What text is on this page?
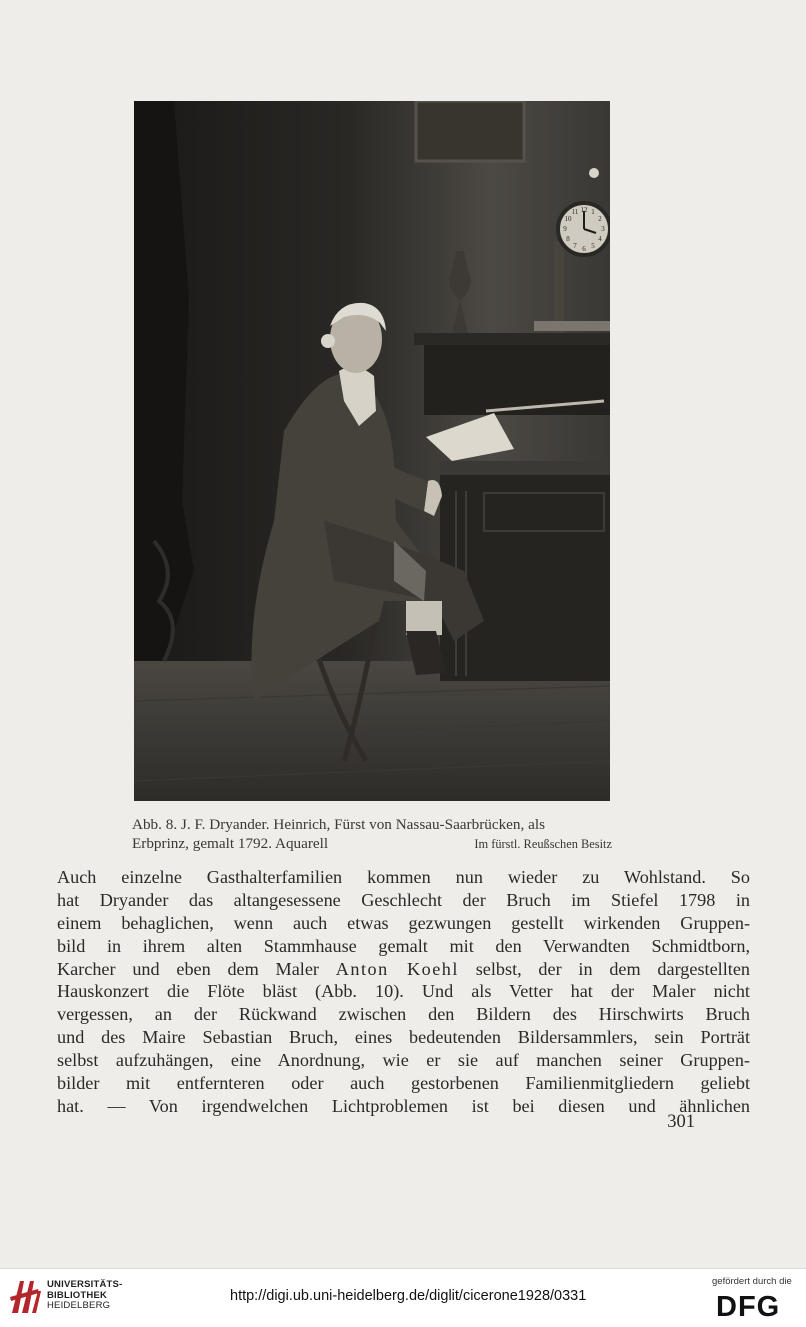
12 1
2
3
4
5
6
7
8
9
10
11
Abb. 8. J. F. Dryander. Heinrich, Fürst von Nassau-Saarbrücken, als
Erbprinz, gemalt 1792. Aquarell	Im fürstl. Reußschen Besitz
Auch einzelne Gasthalterfamilien kommen nun wieder zu Wohlstand. So
hat Dryander das altangesessene Geschlecht der Bruch im Stiefel 1798 in
einem behaglichen, wenn auch etwas gezwungen gestellt wirkenden Gruppen-
bild in ihrem alten Stammhause gemalt mit den Verwandten Schmidtborn,
Karcher und eben dem Maler Anton Koehl selbst, der in dem dargestellten
Hauskonzert die Flöte bläst (Abb. 10). Und als Vetter hat der Maler nicht
vergessen, an der Rückwand zwischen den Bildern des Hirschwirts Bruch
und des Maire Sebastian Bruch, eines bedeutenden Bildersammlers, sein Porträt
selbst aufzuhängen, eine Anordnung, wie er sie auf manchen seiner Gruppen-
bilder mit entfernteren oder auch gestorbenen Familienmitgliedern geliebt
hat. — Von irgendwelchen Lichtproblemen ist bei diesen und ähnlichen
301
UNIVERSITÄTS-
BIBLIOTHEK
HEIDELBERG
http://digi.ub.uni-heidelberg.de/diglit/cicerone1928/0331
gefördert durch die
DFG
